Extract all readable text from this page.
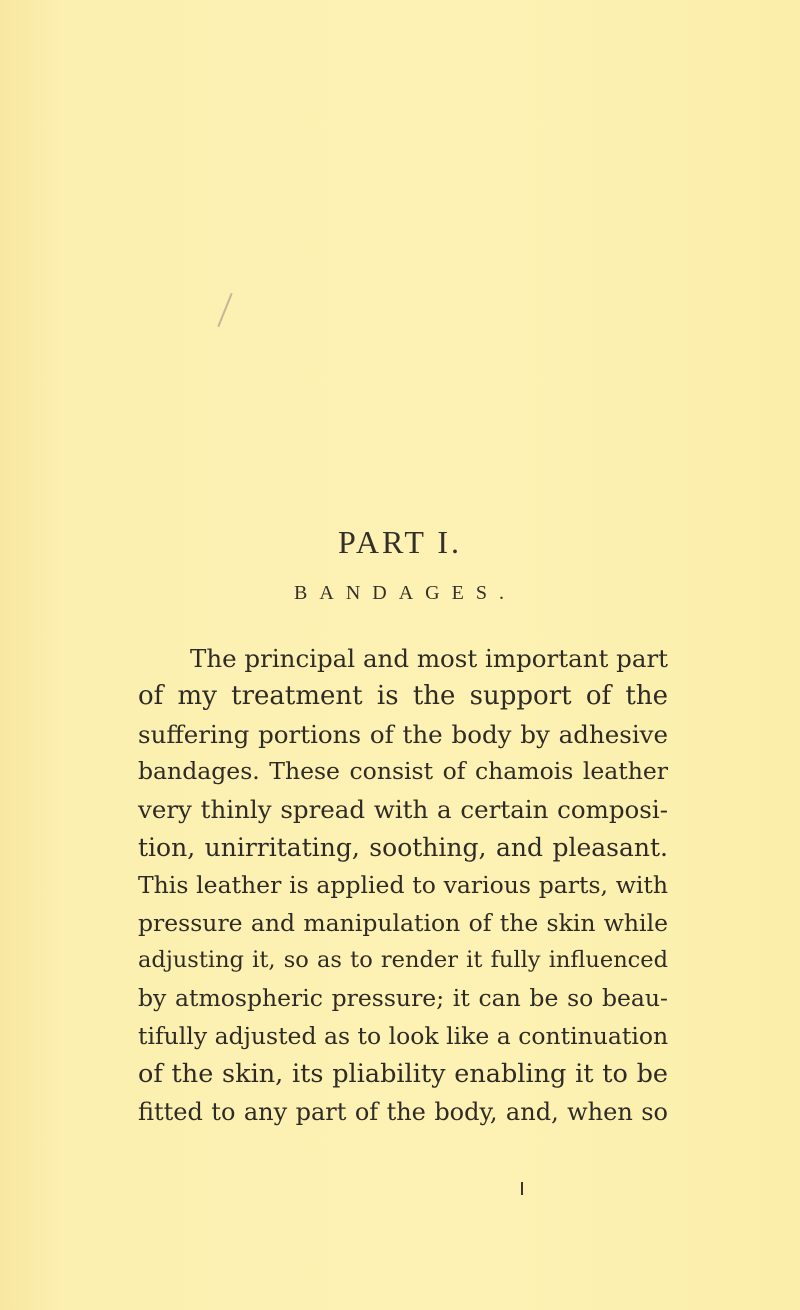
PART I.
BANDAGES.
The principal and most important part
of my treatment is the support of the
suffering portions of the body by adhesive
bandages. These consist of chamois leather
very thinly spread with a certain composi-
tion, unirritating, soothing, and pleasant.
This leather is applied to various parts, with
pressure and manipulation of the skin while
adjusting it, so as to render it fully influenced
by atmospheric pressure; it can be so beau-
tifully adjusted as to look like a continuation
of the skin, its pliability enabling it to be
fitted to any part of the body, and, when so
